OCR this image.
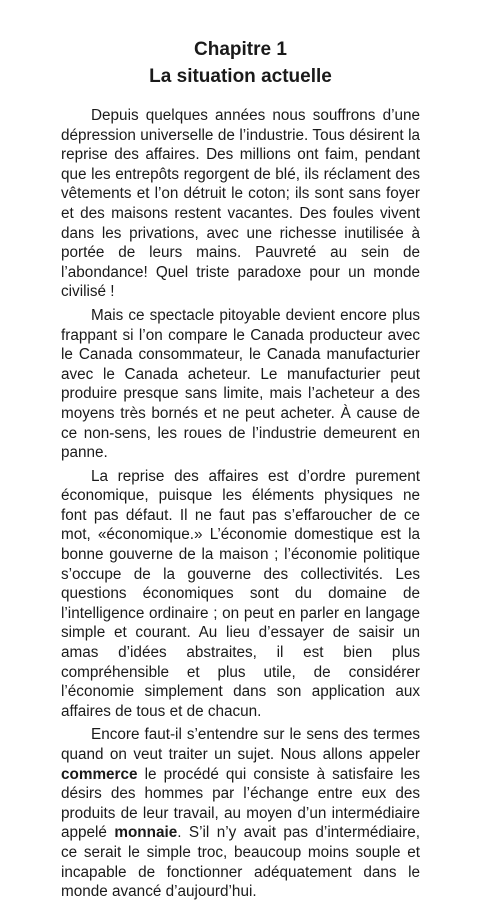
Chapitre 1
La situation actuelle

Depuis quelques années nous souffrons d’une dépression universelle de l’industrie. Tous désirent la reprise des affaires. Des millions ont faim, pendant que les entrepôts regorgent de blé, ils réclament des vêtements et l’on détruit le coton; ils sont sans foyer et des maisons restent vacantes. Des foules vivent dans les privations, avec une richesse inutilisée à portée de leurs mains. Pauvreté au sein de l’abondance! Quel triste paradoxe pour un monde civilisé !

Mais ce spectacle pitoyable devient encore plus frappant si l’on compare le Canada producteur avec le Canada consommateur, le Canada manufacturier avec le Canada acheteur. Le manufacturier peut produire presque sans limite, mais l’acheteur a des moyens très bornés et ne peut acheter. À cause de ce non-sens, les roues de l’industrie demeurent en panne.

La reprise des affaires est d’ordre purement économique, puisque les éléments physiques ne font pas défaut. Il ne faut pas s’effaroucher de ce mot, «économique.» L’économie domestique est la bonne gouverne de la maison ; l’économie politique s’occupe de la gouverne des collectivités. Les questions économiques sont du domaine de l’intelligence ordinaire ; on peut en parler en langage simple et courant. Au lieu d’essayer de saisir un amas d’idées abstraites, il est bien plus compréhensible et plus utile, de considérer l’économie simplement dans son application aux affaires de tous et de chacun.

Encore faut-il s’entendre sur le sens des termes quand on veut traiter un sujet. Nous allons appeler commerce le procédé qui consiste à satisfaire les désirs des hommes par l’échange entre eux des produits de leur travail, au moyen d’un intermédiaire appelé monnaie. S’il n’y avait pas d’intermédiaire, ce serait le simple troc, beaucoup moins souple et incapable de fonctionner adéquatement dans le monde avancé d’aujourd’hui.
